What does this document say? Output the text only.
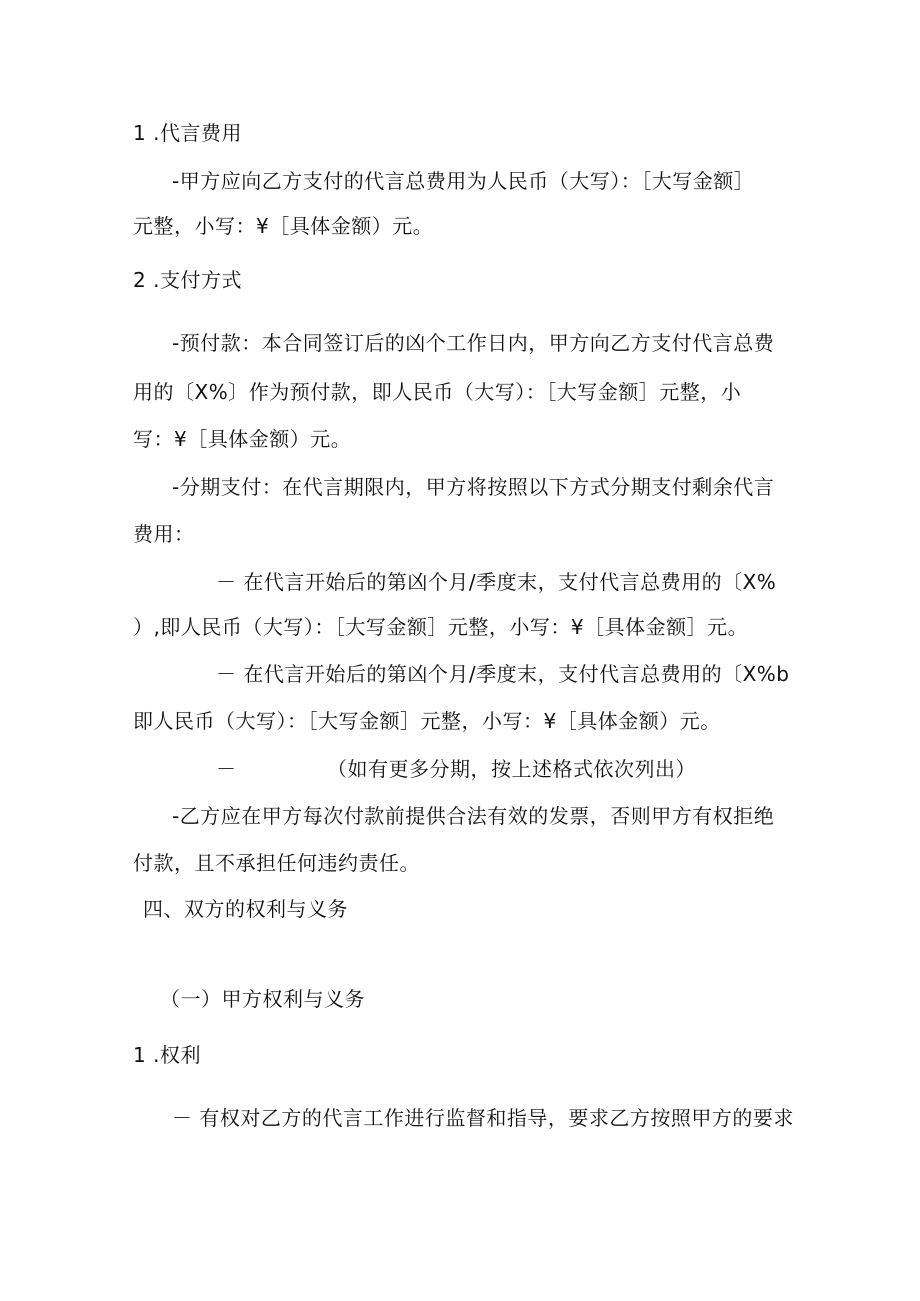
1 .代言费用
-甲方应向乙方支付的代言总费用为人民币（大写）：［大写金额］
元整，小写：¥［具体金额）元。
2 .支付方式
-预付款：本合同签订后的凶个工作日内，甲方向乙方支付代言总费
用的〔X%〕作为预付款，即人民币（大写）：［大写金额］元整，小
写：¥［具体金额）元。
-分期支付：在代言期限内，甲方将按照以下方式分期支付剩余代言
费用：
－ 在代言开始后的第凶个月/季度末，支付代言总费用的〔X%
）,即人民币（大写）：［大写金额］元整，小写：¥［具体金额］元。
－ 在代言开始后的第凶个月/季度末，支付代言总费用的〔X%b
即人民币（大写）：［大写金额］元整，小写：¥［具体金额）元。
－	（如有更多分期，按上述格式依次列出）
-乙方应在甲方每次付款前提供合法有效的发票，否则甲方有权拒绝
付款，且不承担任何违约责任。
四、双方的权利与义务
（一）甲方权利与义务
1 .权利
－ 有权对乙方的代言工作进行监督和指导，要求乙方按照甲方的要求
